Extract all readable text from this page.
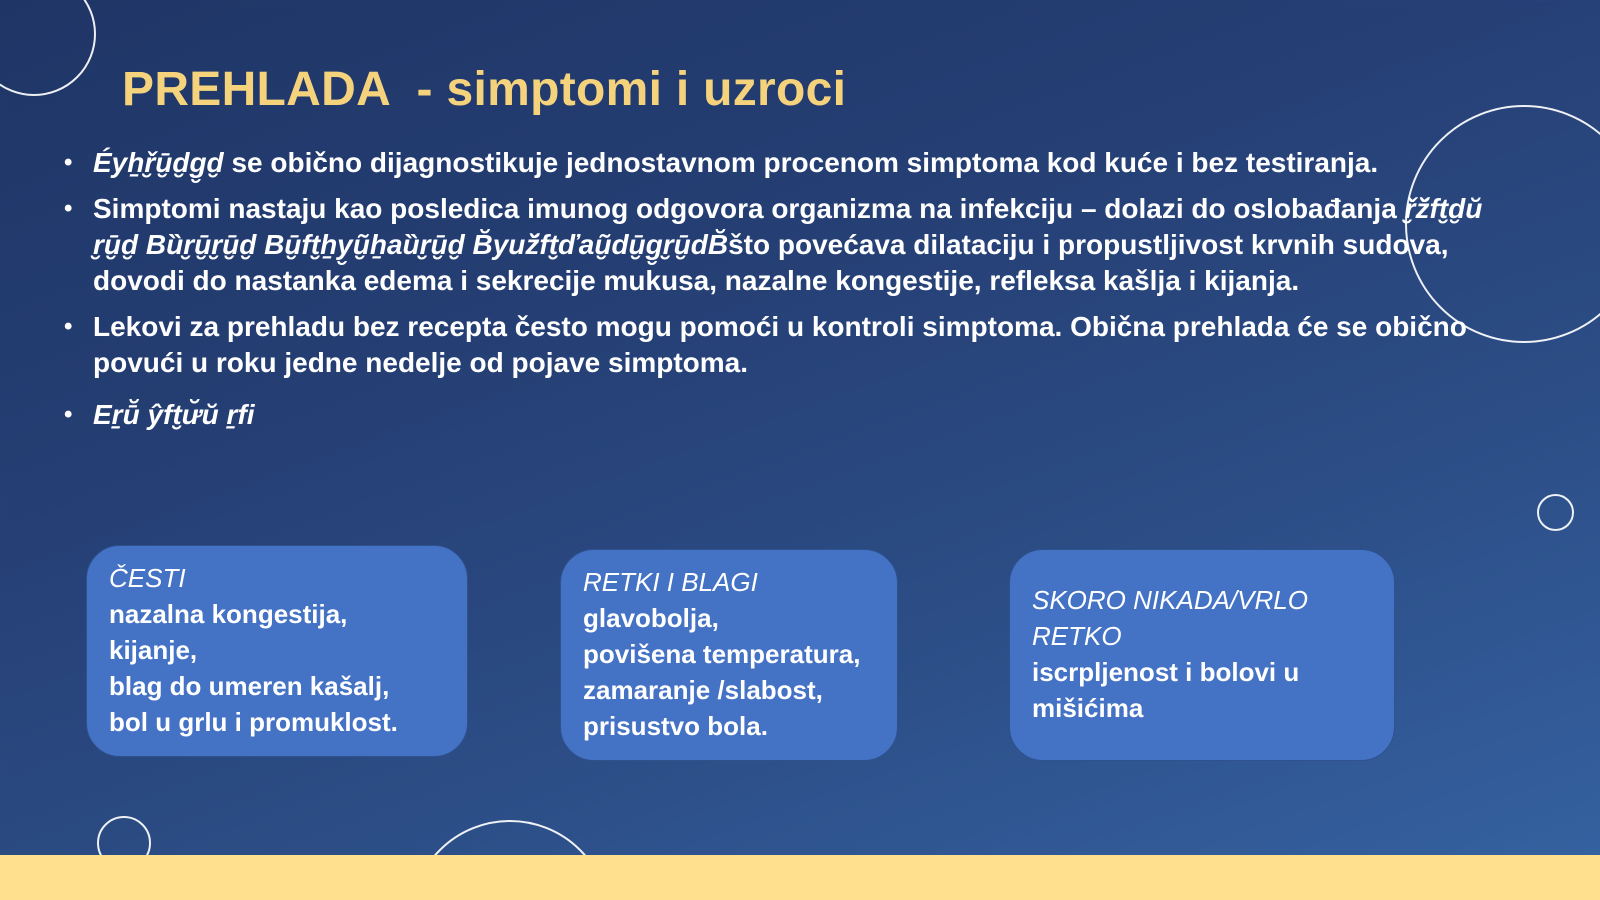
PREHLADA  - simptomi i uzroci
• Éyẖř̮ū̮d̮g̮d̮ se obično dijagnostikuje jednostavnom procenom simptoma kod kuće i bez testiranja.
• Simptomi nastaju kao posledica imunog odgovora organizma na infekciju – dolazi do oslobađanja ř̮ž̆ft̮d̮ŭ r̮ū̮d̮ Bȕr̮ū̮r̮ū̮d̮ Bū̮ft̮ẖy̮ũ̮ẖaȕr̮ū̮d̮ B̆yuž̆ft̮ďaũ̮dū̮g̮r̮ū̮dB̆što povećava dilataciju i propustljivost krvnih sudova, dovodi do nastanka edema i sekrecije mukusa, nazalne kongestije, refleksa kašlja i kijanja.
• Lekovi za prehladu bez recepta često mogu pomoći u kontroli simptoma. Obična prehlada će se obično povući u roku jedne nedelje od pojave simptoma.
• Eṟū̆ ŷft̮ư̆ŭ ṟfi
ČESTI
nazalna kongestija,
kijanje,
blag do umeren kašalj,
bol u grlu i promuklost.
RETKI I BLAGI
glavobolja,
povišena temperatura,
zamaranje /slabost,
prisustvo bola.
SKORO NIKADA/VRLO
RETKO
iscrpljenost i bolovi u
mišićima
